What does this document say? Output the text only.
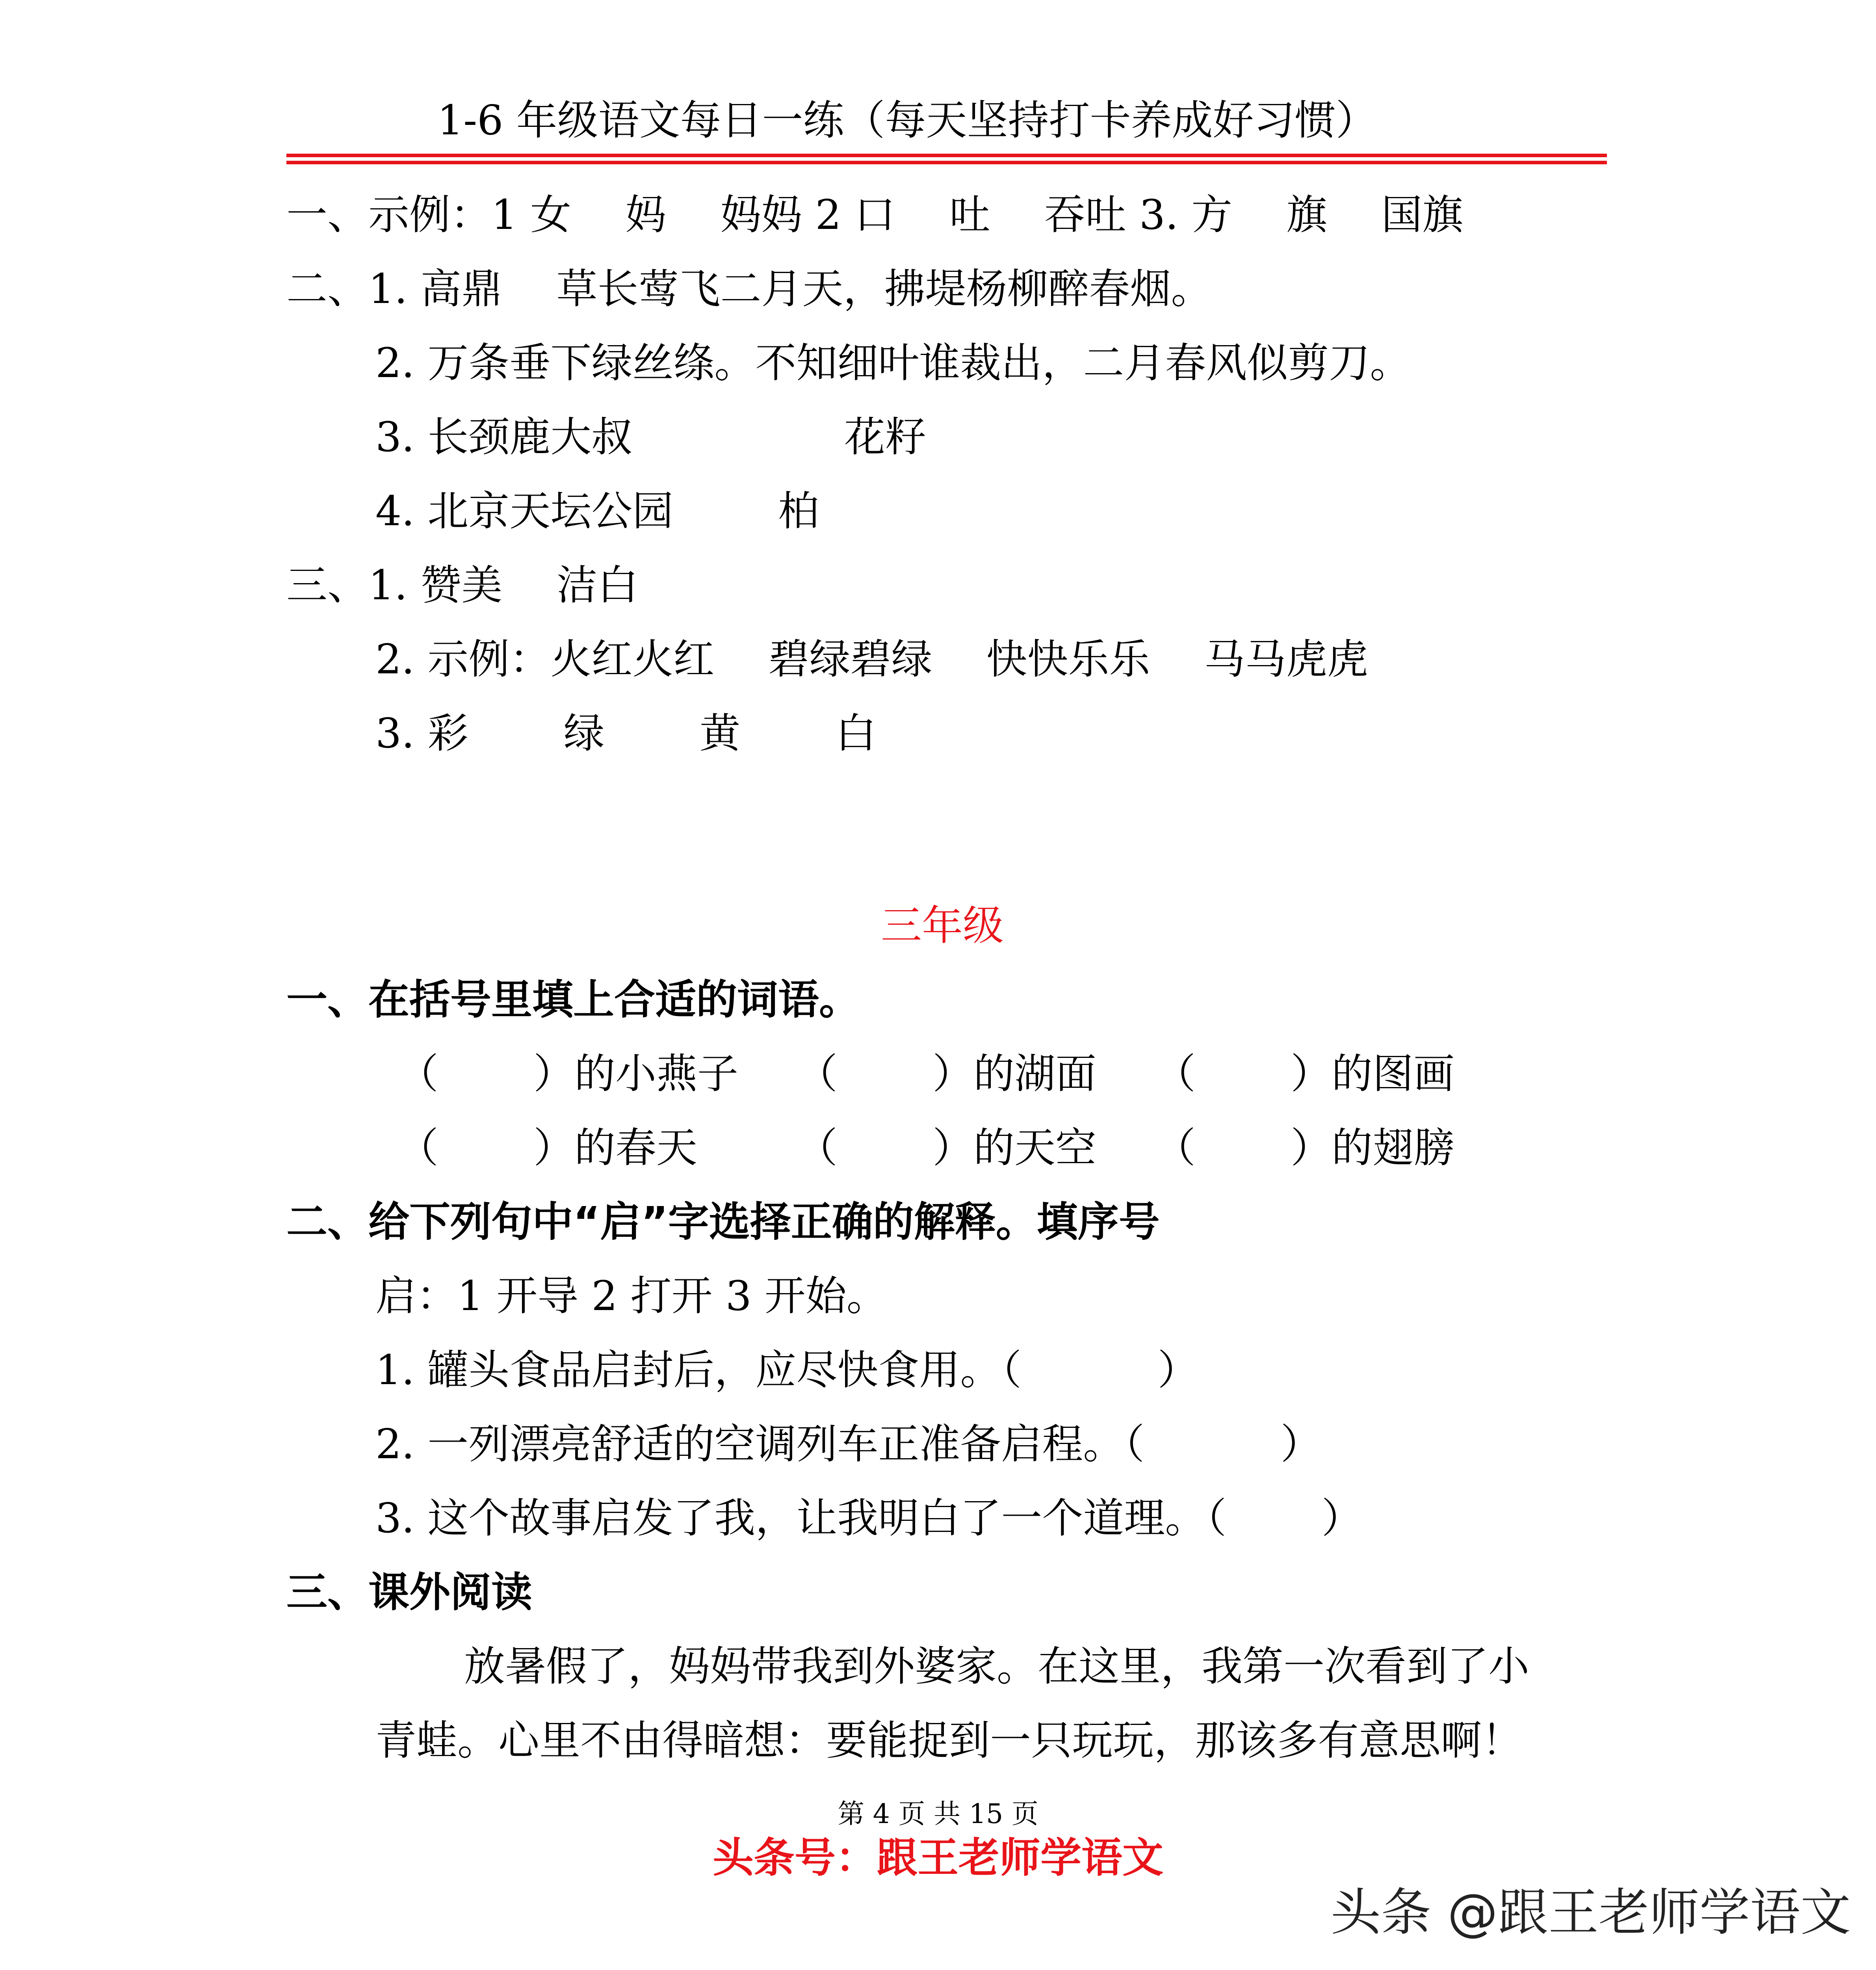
1-6 年级语文每日一练（每天坚持打卡养成好习惯）
一、示例：1 女　 妈　 妈妈 2 口　 吐　 吞吐 3. 方　 旗　 国旗
二、1. 高鼎　 草长莺飞二月天，拂堤杨柳醉春烟。
2. 万条垂下绿丝绦。不知细叶谁裁出，二月春风似剪刀。
3. 长颈鹿大叔	花籽
4. 北京天坛公园	柏
三、1. 赞美　 洁白
2. 示例：火红火红　 碧绿碧绿　 快快乐乐　 马马虎虎
3. 彩　　 绿　　 黄　　 白
三年级
一、在括号里填上合适的词语。
（　　 ）的小燕子 （　　 ）的湖面 （　　 ）的图画
（　　 ）的春天 （　　 ）的天空 （　　 ）的翅膀
二、给下列句中“启”字选择正确的解释。填序号
启：1 开导 2 打开 3 开始。
1. 罐头食品启封后，应尽快食用。（　　　 ）
2. 一列漂亮舒适的空调列车正准备启程。（　　　 ）
3. 这个故事启发了我，让我明白了一个道理。（　　 ）
三、课外阅读
放暑假了，妈妈带我到外婆家。在这里，我第一次看到了小
青蛙。心里不由得暗想：要能捉到一只玩玩，那该多有意思啊！
第 4 页 共 15 页
头条号：跟王老师学语文
头条 @跟王老师学语文
